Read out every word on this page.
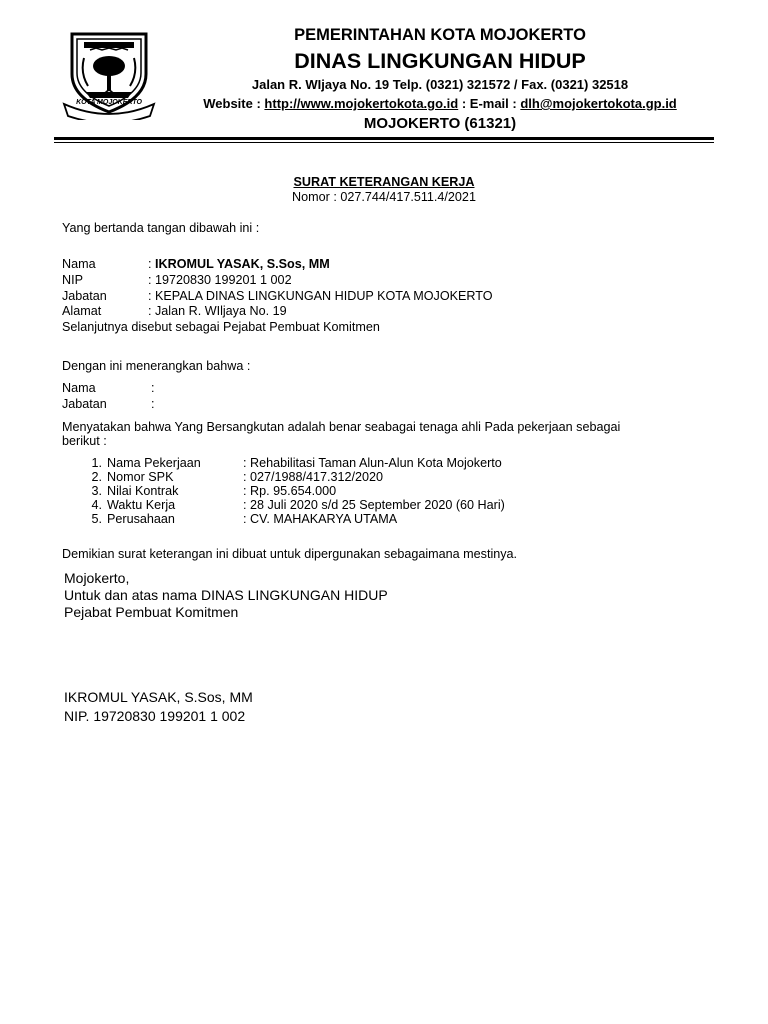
KOTA MOJOKERTO
PEMERINTAHAN KOTA MOJOKERTO
DINAS LINGKUNGAN HIDUP
Jalan R. WIjaya No. 19 Telp. (0321) 321572 / Fax. (0321) 32518
Website : http://www.mojokertokota.go.id : E-mail : dlh@mojokertokota.gp.id
MOJOKERTO (61321)
SURAT KETERANGAN KERJA
Nomor : 027.744/417.511.4/2021
Yang bertanda tangan dibawah ini :
Nama	: IKROMUL YASAK, S.Sos, MM
NIP	: 19720830 199201 1 002
Jabatan	: KEPALA DINAS LINGKUNGAN HIDUP KOTA MOJOKERTO
Alamat	: Jalan R. WIljaya No. 19
Selanjutnya disebut sebagai Pejabat Pembuat Komitmen
Dengan ini menerangkan bahwa :
Nama	:
Jabatan	:
Menyatakan bahwa Yang Bersangkutan adalah benar seabagai tenaga ahli Pada pekerjaan sebagai
berikut :
1. Nama Pekerjaan	: Rehabilitasi Taman Alun-Alun Kota Mojokerto
2. Nomor SPK	: 027/1988/417.312/2020
3. Nilai Kontrak	: Rp. 95.654.000
4. Waktu Kerja	: 28 Juli 2020 s/d 25 September 2020 (60 Hari)
5. Perusahaan	: CV. MAHAKARYA UTAMA
Demikian surat keterangan ini dibuat untuk dipergunakan sebagaimana mestinya.
Mojokerto,
Untuk dan atas nama DINAS LINGKUNGAN HIDUP
Pejabat Pembuat Komitmen
IKROMUL YASAK, S.Sos, MM
NIP. 19720830 199201 1 002
